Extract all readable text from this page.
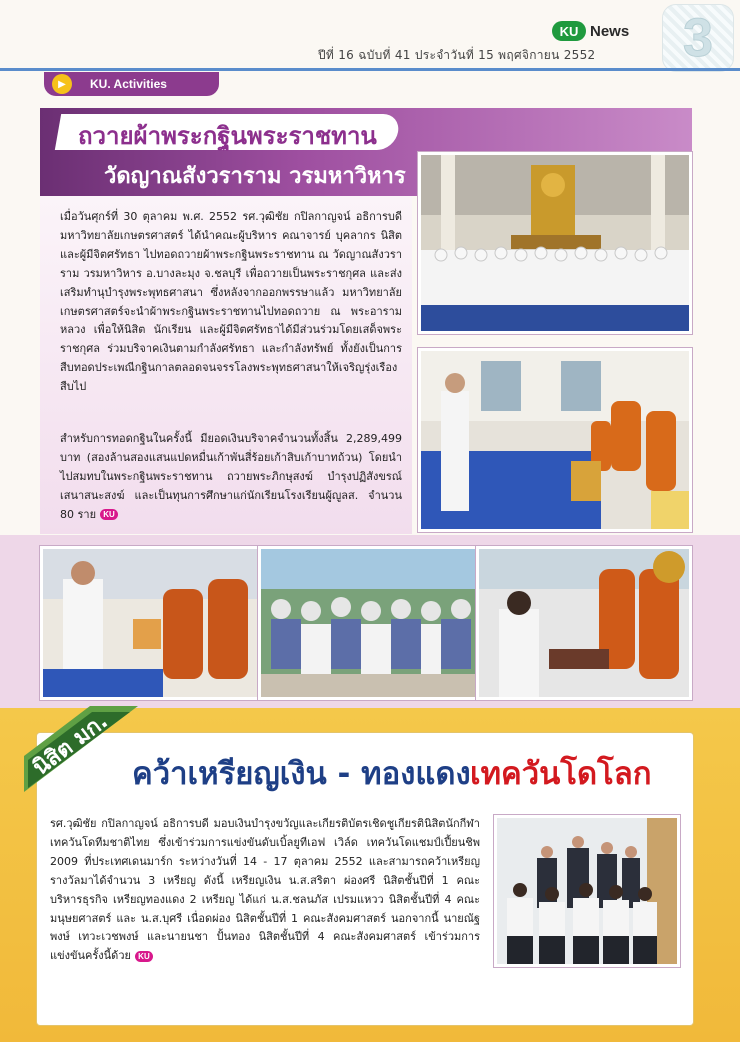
KU News
ปีที่ 16 ฉบับที่ 41 ประจำวันที่ 15 พฤศจิกายน 2552	3
▶	KU. Activities
ถวายผ้าพระกฐินพระราชทาน
วัดญาณสังวราราม วรมหาวิหาร

เมื่อวันศุกร์ที่ 30 ตุลาคม พ.ศ. 2552 รศ.วุฒิชัย กปิลกาญจน์ อธิการบดีมหาวิทยาลัยเกษตรศาสตร์ ได้นำคณะผู้บริหาร คณาจารย์ บุคลากร นิสิต และผู้มีจิตศรัทธา ไปทอดถวายผ้าพระกฐินพระราชทาน ณ วัดญาณสังวราราม วรมหาวิหาร อ.บางละมุง จ.ชลบุรี เพื่อถวายเป็นพระราชกุศล และส่งเสริมทำนุบำรุงพระพุทธศาสนา ซึ่งหลังจากออกพรรษาแล้ว มหาวิทยาลัยเกษตรศาสตร์จะนำผ้าพระกฐินพระราชทานไปทอดถวาย ณ พระอารามหลวง เพื่อให้นิสิต นักเรียน และผู้มีจิตศรัทธาได้มีส่วนร่วมโดยเสด็จพระราชกุศล ร่วมบริจาคเงินตามกำลังศรัทธา และกำลังทรัพย์ ทั้งยังเป็นการสืบทอดประเพณีกฐินกาลตลอดจนจรรโลงพระพุทธศาสนาให้เจริญรุ่งเรืองสืบไป

สำหรับการทอดกฐินในครั้งนี้ มียอดเงินบริจาคจำนวนทั้งสิ้น 2,289,499 บาท (สองล้านสองแสนแปดหมื่นเก้าพันสี่ร้อยเก้าสิบเก้าบาทถ้วน) โดยนำไปสมทบในพระกฐินพระราชทาน ถวายพระภิกษุสงฆ์ บำรุงปฏิสังขรณ์เสนาสนะสงฆ์ และเป็นทุนการศึกษาแก่นักเรียนโรงเรียนผู้ญูลส. จำนวน 80 ราย KU

นิสิต มก. คว้าเหรียญเงิน - ทองแดง เทควันโดโลก

รศ.วุฒิชัย กปิลกาญจน์ อธิการบดี มอบเงินบำรุงขวัญและเกียรติบัตรเชิดชูเกียรตินิสิตนักกีฬาเทควันโดทีมชาติไทย ซึ่งเข้าร่วมการแข่งขันดับเบิ้ลยูทีเอฟ เวิล์ด เทควันโดแชมป์เปี้ยนชิพ 2009 ที่ประเทศเดนมาร์ก ระหว่างวันที่ 14 - 17 ตุลาคม 2552 และสามารถคว้าเหรียญรางวัลมาได้จำนวน 3 เหรียญ ดังนี้ เหรียญเงิน น.ส.สริตา ผ่องศรี นิสิตชั้นปีที่ 1 คณะบริหารธุรกิจ เหรียญทองแดง 2 เหรียญ ได้แก่ น.ส.ชลนภัส เปรมแหวว นิสิตชั้นปีที่ 4 คณะมนุษยศาสตร์ และ น.ส.บุศรี เนื่อดผ่อง นิสิตชั้นปีที่ 1 คณะสังคมศาสตร์ นอกจากนี้ นายณัฐพงษ์ เทวะเวชพงษ์ และนายนชา ปั้นทอง นิสิตชั้นปีที่ 4 คณะสังคมศาสตร์ เข้าร่วมการแข่งขันครั้งนี้ด้วย KU
